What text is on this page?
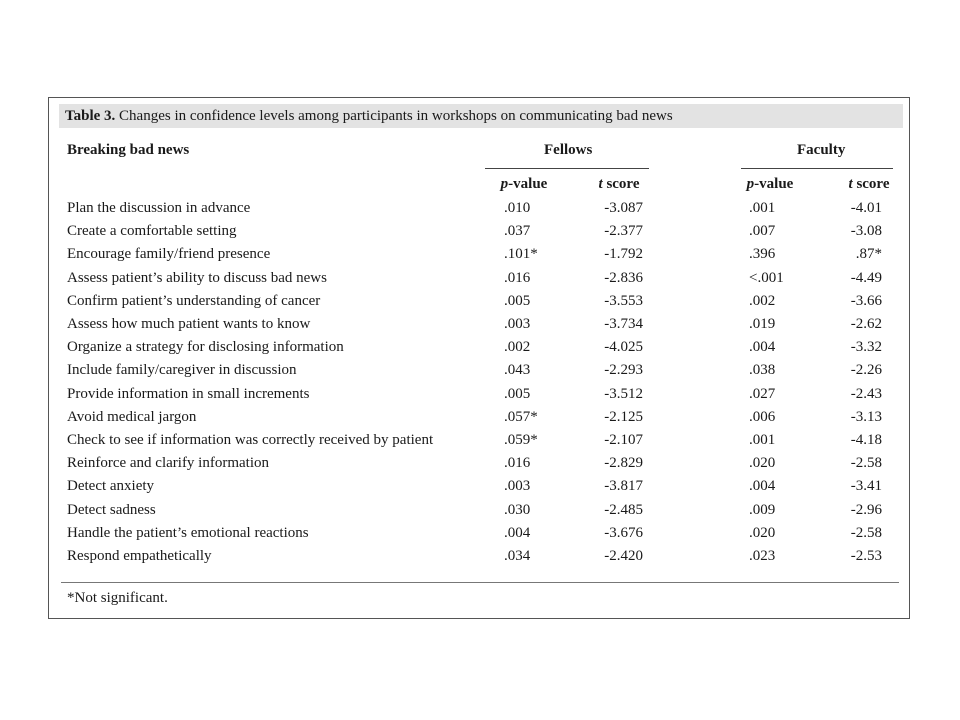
Table 3. Changes in confidence levels among participants in workshops on communicating bad news
Breaking bad news	Fellows	Faculty
p-value	t score	p-value	t score
Plan the discussion in advance	.010	-3.087	.001	-4.01
Create a comfortable setting	.037	-2.377	.007	-3.08
Encourage family/friend presence	.101*	-1.792	.396	.87*
Assess patient’s ability to discuss bad news	.016	-2.836	<.001	-4.49
Confirm patient’s understanding of cancer	.005	-3.553	.002	-3.66
Assess how much patient wants to know	.003	-3.734	.019	-2.62
Organize a strategy for disclosing information	.002	-4.025	.004	-3.32
Include family/caregiver in discussion	.043	-2.293	.038	-2.26
Provide information in small increments	.005	-3.512	.027	-2.43
Avoid medical jargon	.057*	-2.125	.006	-3.13
Check to see if information was correctly received by patient	.059*	-2.107	.001	-4.18
Reinforce and clarify information	.016	-2.829	.020	-2.58
Detect anxiety	.003	-3.817	.004	-3.41
Detect sadness	.030	-2.485	.009	-2.96
Handle the patient’s emotional reactions	.004	-3.676	.020	-2.58
Respond empathetically	.034	-2.420	.023	-2.53
*Not significant.
